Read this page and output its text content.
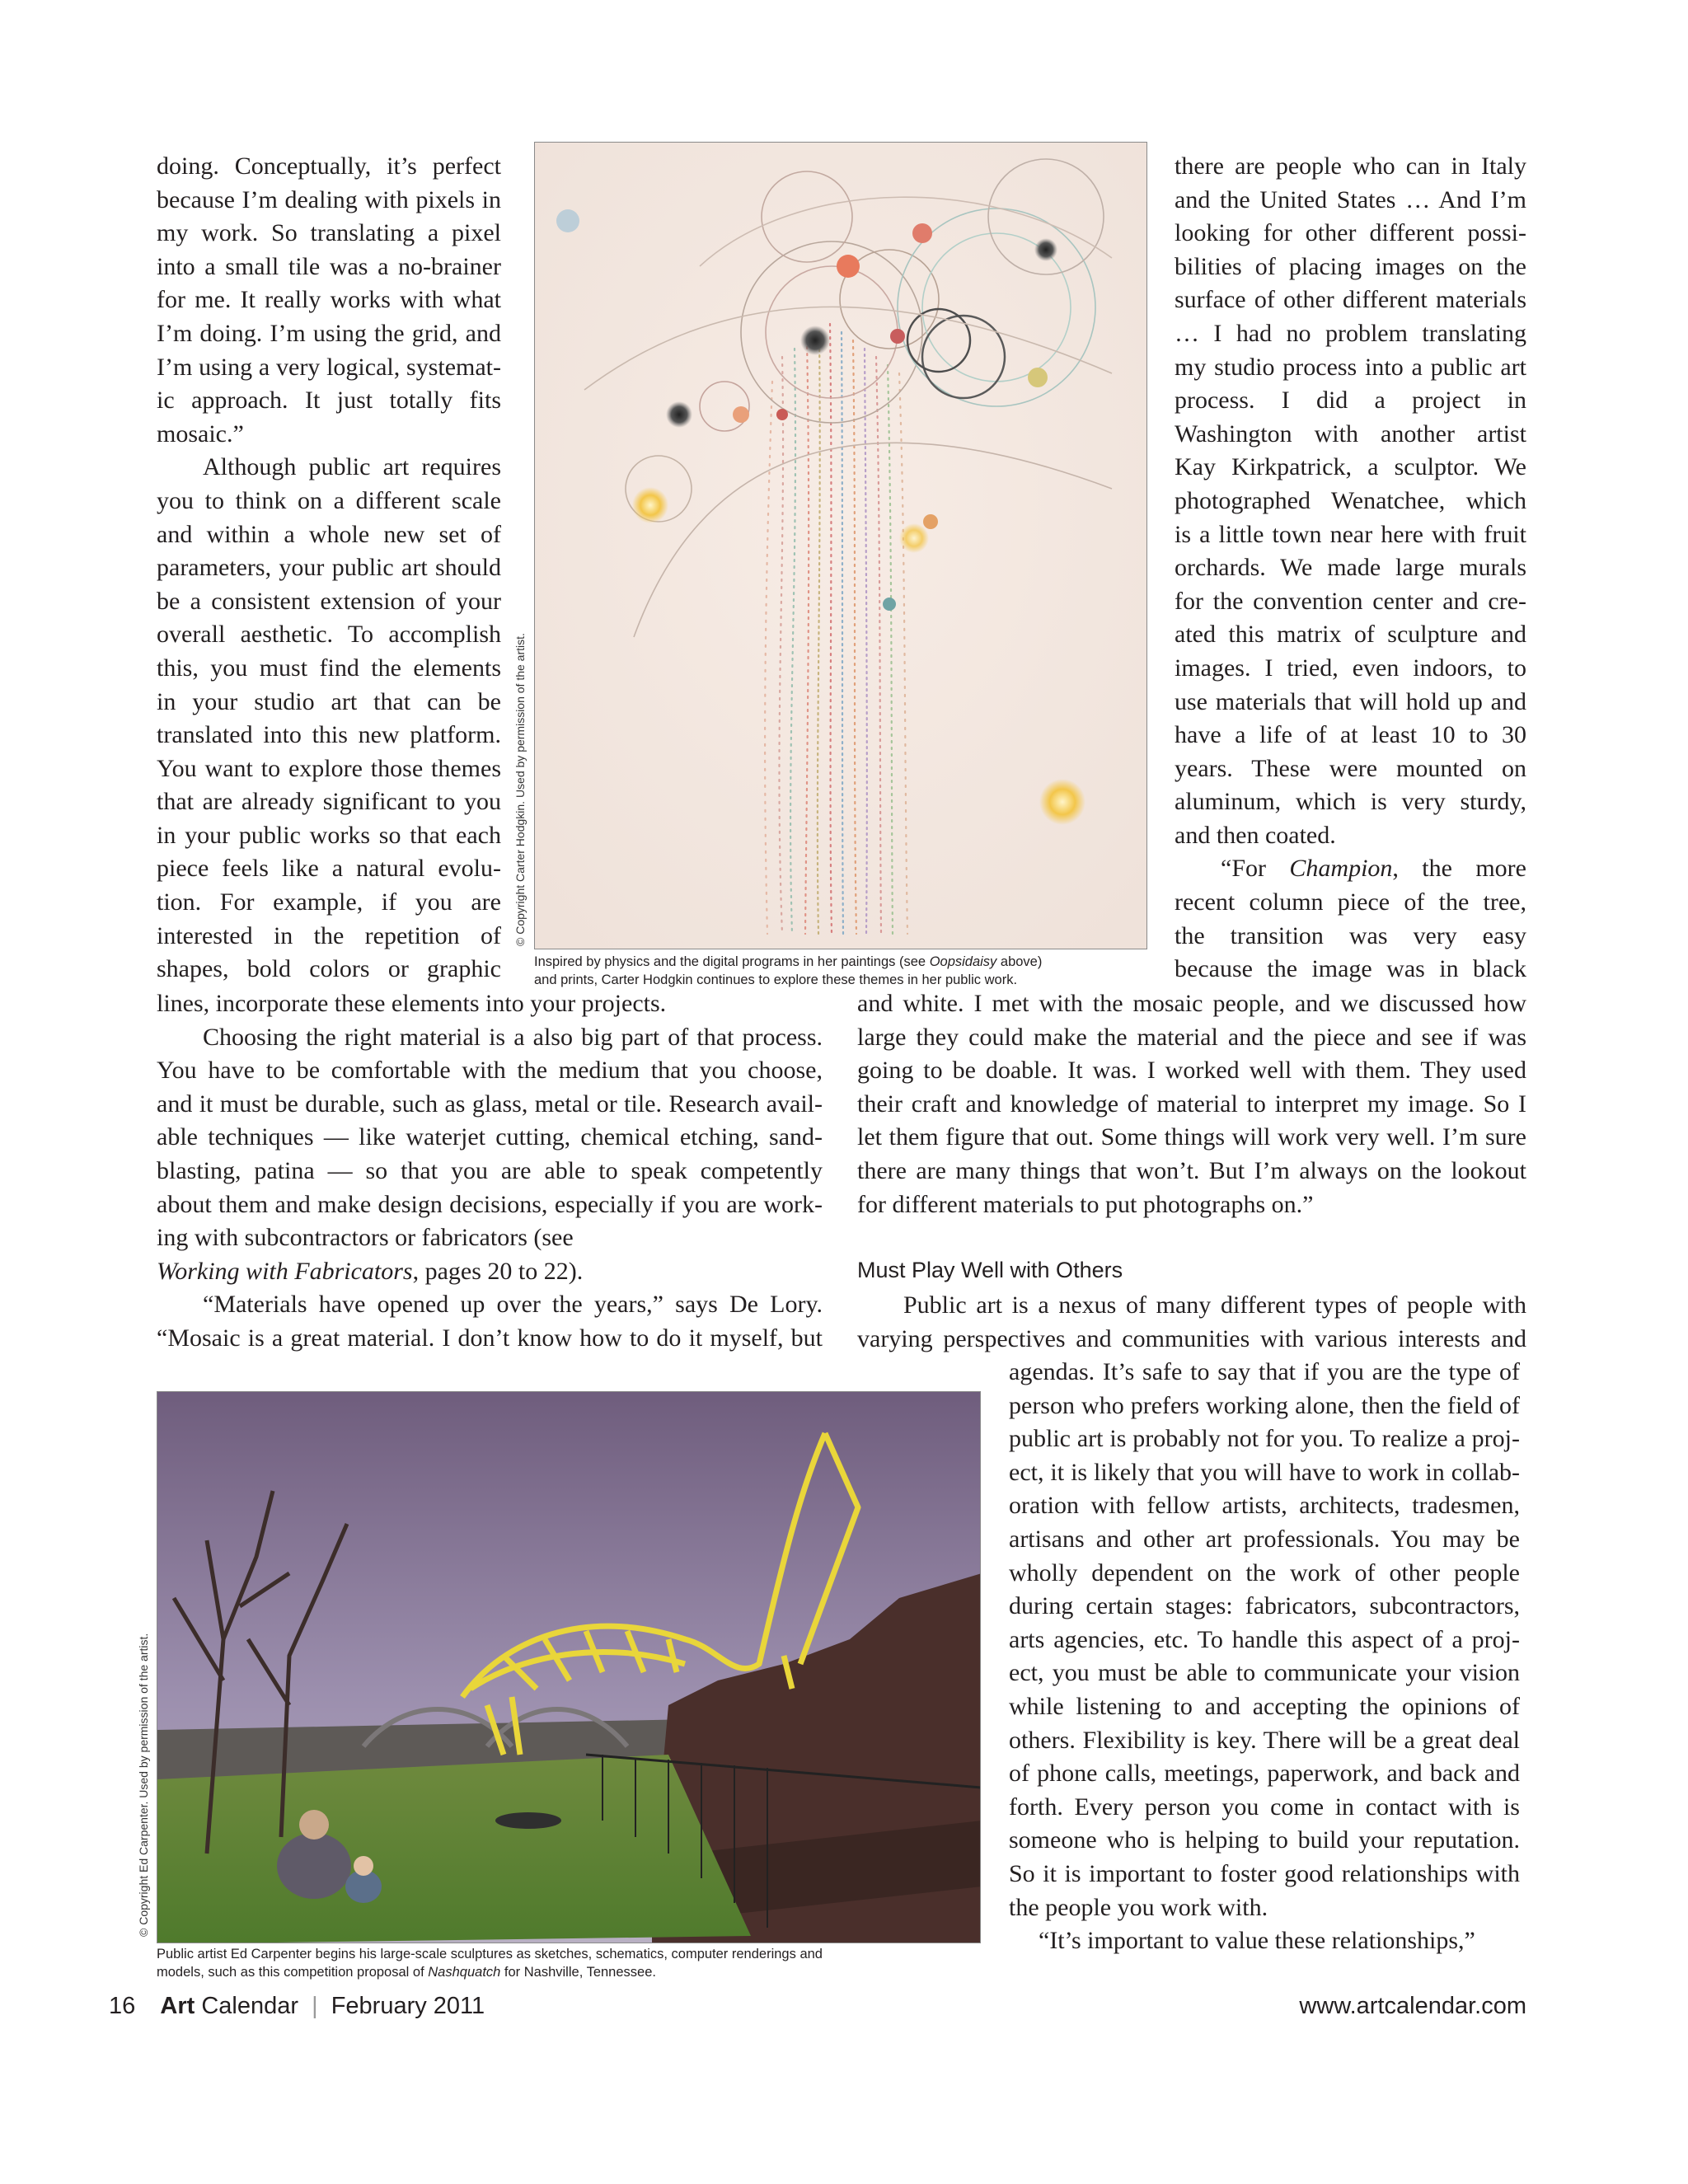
doing. Conceptually, it’s perfect

because I’m dealing with pixels in

my work. So translating a pixel

into a small tile was a no-brainer

for me. It really works with what

I’m doing. I’m using the grid, and

I’m using a very logical, systemat-

ic approach. It just totally fits

mosaic.”

Although public art requires

you to think on a different scale

and within a whole new set of

parameters, your public art should

be a consistent extension of your

overall aesthetic. To accomplish

this, you must find the elements

in your studio art that can be

translated into this new platform.

You want to explore those themes

that are already significant to you

in your public works so that each

piece feels like a natural evolu-

tion. For example, if you are

interested in the repetition of

shapes, bold colors or graphic

lines, incorporate these elements into your projects.

Choosing the right material is a also big part of that process.

You have to be comfortable with the medium that you choose,

and it must be durable, such as glass, metal or tile. Research avail-

able techniques — like waterjet cutting, chemical etching, sand-

blasting, patina — so that you are able to speak competently

about them and make design decisions, especially if you are work-

ing with subcontractors or fabricators (see

Working with Fabricators, pages 20 to 22).

“Materials have opened up over the years,” says De Lory.

“Mosaic is a great material. I don’t know how to do it myself, but

© Copyright Carter Hodgkin. Used by permission of the artist.
Inspired by physics and the digital programs in her paintings (see Oopsidaisy above)
and prints, Carter Hodgkin continues to explore these themes in her public work.

there are people who can in Italy

and the United States … And I’m

looking for other different possi-

bilities of placing images on the

surface of other different materials

… I had no problem translating

my studio process into a public art

process. I did a project in

Washington with another artist

Kay Kirkpatrick, a sculptor. We

photographed Wenatchee, which

is a little town near here with fruit

orchards. We made large murals

for the convention center and cre-

ated this matrix of sculpture and

images. I tried, even indoors, to

use materials that will hold up and

have a life of at least 10 to 30

years. These were mounted on

aluminum, which is very sturdy,

and then coated.

“For Champion, the more

recent column piece of the tree,

the transition was very easy

because the image was in black

and white. I met with the mosaic people, and we discussed how

large they could make the material and the piece and see if was

going to be doable. It was. I worked well with them. They used

their craft and knowledge of material to interpret my image. So I

let them figure that out. Some things will work very well. I’m sure

there are many things that won’t. But I’m always on the lookout

for different materials to put photographs on.”

Must Play Well with Others

Public art is a nexus of many different types of people with

varying perspectives and communities with various interests and

agendas. It’s safe to say that if you are the type of

person who prefers working alone, then the field of

public art is probably not for you. To realize a proj-

ect, it is likely that you will have to work in collab-

oration with fellow artists, architects, tradesmen,

artisans and other art professionals. You may be

wholly dependent on the work of other people

during certain stages: fabricators, subcontractors,

arts agencies, etc. To handle this aspect of a proj-

ect, you must be able to communicate your vision

while listening to and accepting the opinions of

others. Flexibility is key. There will be a great deal

of phone calls, meetings, paperwork, and back and

forth. Every person you come in contact with is

someone who is helping to build your reputation.

So it is important to foster good relationships with

the people you work with.

“It’s important to value these relationships,”

© Copyright Ed Carpenter. Used by permission of the artist.
Public artist Ed Carpenter begins his large-scale sculptures as sketches, schematics, computer renderings and
models, such as this competition proposal of Nashquatch for Nashville, Tennessee.
16 Art Calendar | February 2011	www.artcalendar.com
